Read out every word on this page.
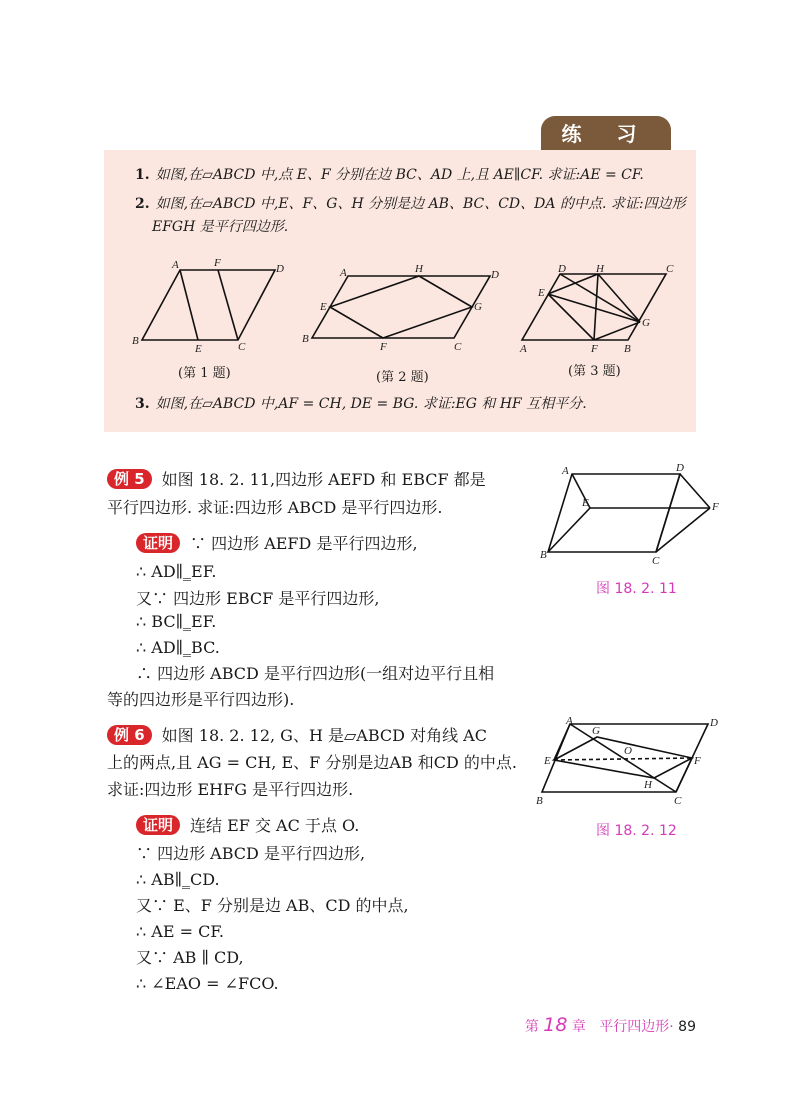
练 习
1. 如图,在▱ABCD 中,点 E、F 分别在边 BC、AD 上,且 AE∥CF. 求证:AE = CF.
2. 如图,在▱ABCD 中,E、F、G、H 分别是边 AB、BC、CD、DA 的中点. 求证:四边形
EFGH 是平行四边形.
3. 如图,在▱ABCD 中,AF = CH, DE = BG. 求证:EG 和 HF 互相平分.
A	F	D
B
E	C
A	H	D
E	G
B
F	C
D	H	C
E
G
A	F B
(第 1 题)	(第 2 题)	(第 3 题)
例 5 如图 18. 2. 11,四边形 AEFD 和 EBCF 都是
平行四边形. 求证:四边形 ABCD 是平行四边形.
证明 ∵ 四边形 AEFD 是平行四边形,
∴ AD∥‗EF.
又∵ 四边形 EBCF 是平行四边形,
∴ BC∥‗EF.
∴ AD∥‗BC.
∴ 四边形 ABCD 是平行四边形(一组对边平行且相
等的四边形是平行四边形).
A	D
E	F
B	C
图 18. 2. 11
例 6 如图 18. 2. 12, G、H 是▱ABCD 对角线 AC
上的两点,且 AG = CH, E、F 分别是边AB 和CD 的中点.
求证:四边形 EHFG 是平行四边形.
证明 连结 EF 交 AC 于点 O.
∵ 四边形 ABCD 是平行四边形,
∴ AB∥‗CD.
又∵ E、F 分别是边 AB、CD 的中点,
∴ AE = CF.
又∵ AB ∥ CD,
∴ ∠EAO = ∠FCO.
A
G
O
D
E	F
H
B	C
图 18. 2. 12
第 18 章 平行四边形· 89
